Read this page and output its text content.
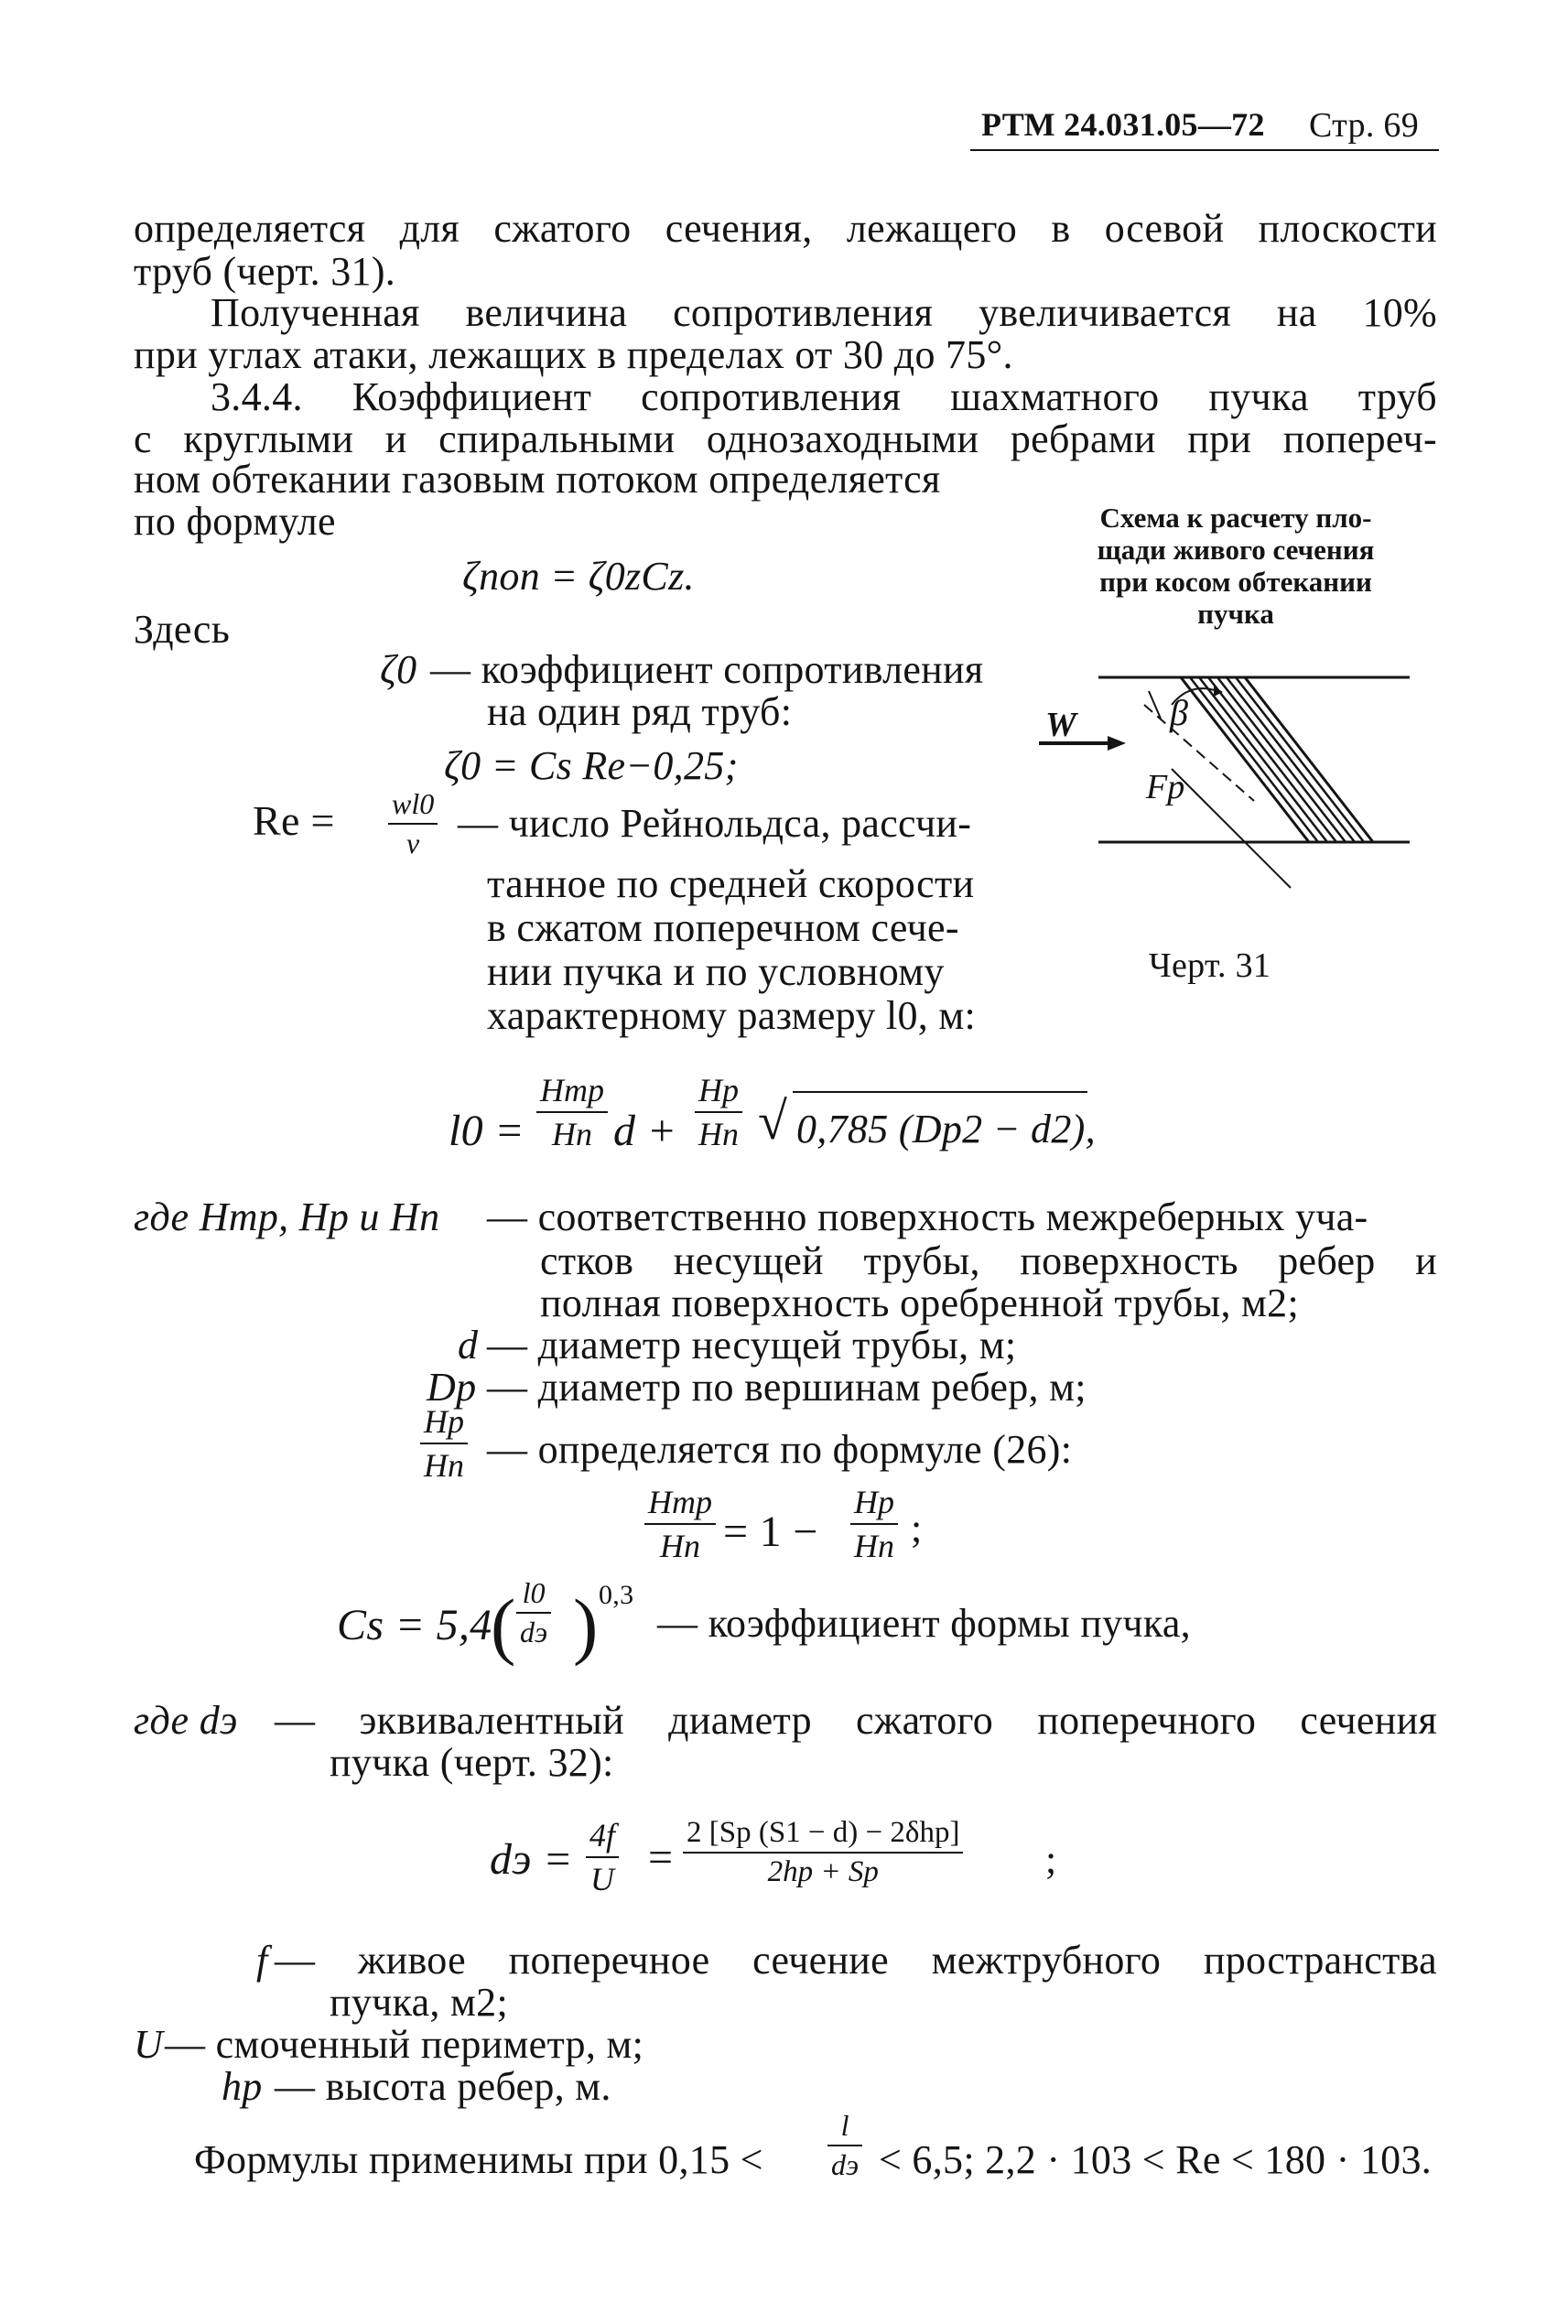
РТМ 24.031.05—72 Стр. 69
определяется для сжатого сечения, лежащего в осевой плоскости
труб (черт. 31).
Полученная величина сопротивления увеличивается на 10%
при углах атаки, лежащих в пределах от 30 до 75°.
3.4.4. Коэффициент сопротивления шахматного пучка труб
с круглыми и спиральными однозаходными ребрами при попереч-
ном обтекании газовым потоком определяется
по формуле	Схема к расчету пло-
щади живого сечения
при косом обтекании
пучка
W	β
Fp
Черт. 31
ζпоп = ζ0zCz.
Здесь
ζ0 — коэффициент сопротивления
на один ряд труб:
ζ0 = Cs Re−0,25;
$Re = \frac{wl0}{\nu}$ — число Рейнольдса, рассчи-
танное по средней скорости
в сжатом поперечном сече-
нии пучка и по условному
характерному размеру l0, м:
l0 =
Hтр
Hп d +
Hр
Hп √ 0,785 (Dр2 − d2),
где Hтр, Hр и Hп — соответственно поверхность межреберных уча-
стков несущей трубы, поверхность ребер и
полная поверхность оребренной трубы, м2;
d — диаметр несущей трубы, м;
Dр — диаметр по вершинам ребер, м;
Hр
Hп — определяется по формуле (26):
Hтр
Hп = 1 −
Hр
Hп ;
Cs = 5,4
( l0
dэ ) 0,3
— коэффициент формы пучка,
где dэ — эквивалентный диаметр сжатого поперечного сечения
пучка (черт. 32):
dэ = $\frac{4f}{U}$ =
2 [Sр (S1 − d) − 2δhр]
2hр + Sр	;
f — живое поперечное сечение межтрубного пространства
пучка, м2;
U — смоченный периметр, м;
hр — высота ребер, м.
Формулы применимы при 0,15 <
l
dэ < 6,5; 2,2 · 103 < Re < 180 · 103.
